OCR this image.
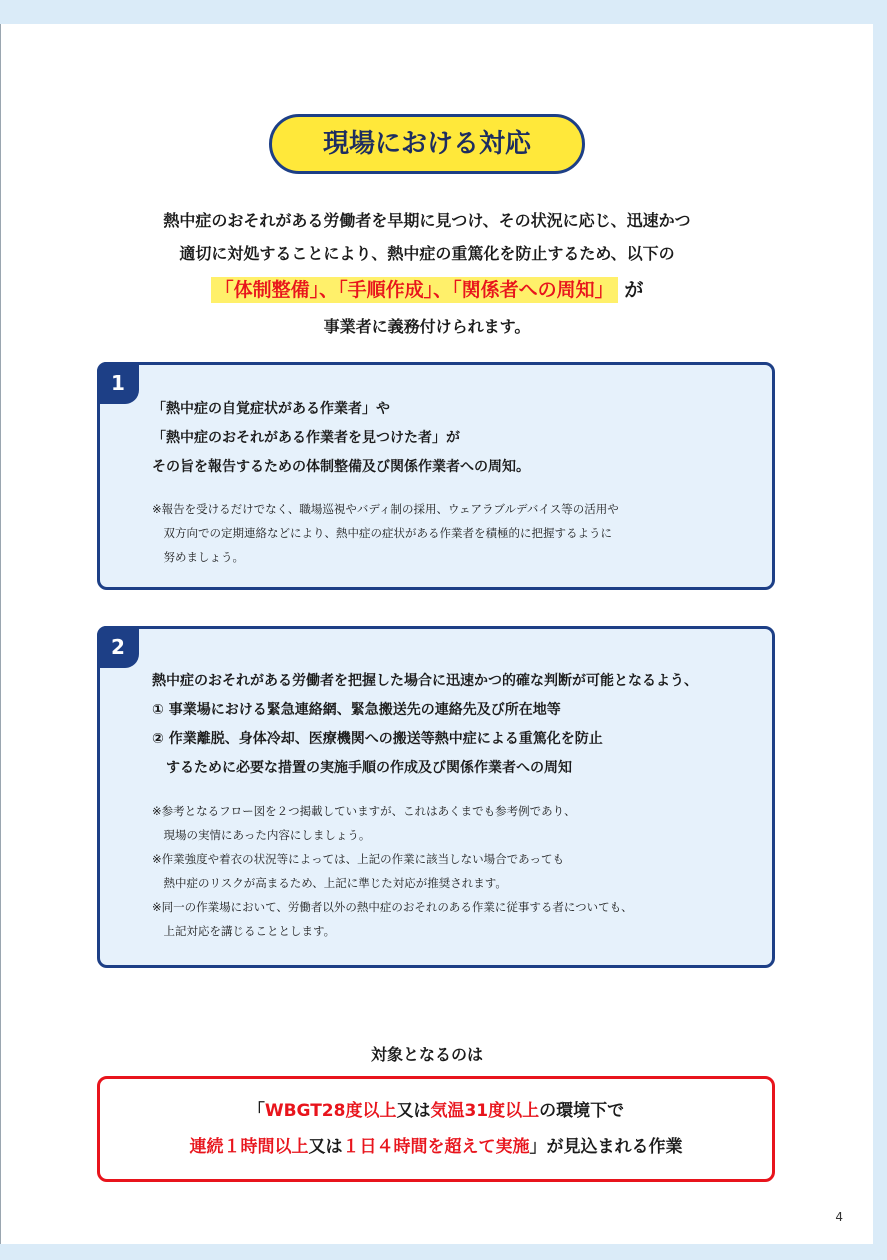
現場における対応
熱中症のおそれがある労働者を早期に見つけ、その状況に応じ、迅速かつ
適切に対処することにより、熱中症の重篤化を防止するため、以下の
「体制整備」、「手順作成」、「関係者への周知」 が
事業者に義務付けられます。
1
「熱中症の自覚症状がある作業者」や
「熱中症のおそれがある作業者を見つけた者」が
その旨を報告するための体制整備及び関係作業者への周知。
※報告を受けるだけでなく、職場巡視やバディ制の採用、ウェアラブルデバイス等の活用や
　双方向での定期連絡などにより、熱中症の症状がある作業者を積極的に把握するように
　努めましょう。
2
熱中症のおそれがある労働者を把握した場合に迅速かつ的確な判断が可能となるよう、
① 事業場における緊急連絡網、緊急搬送先の連絡先及び所在地等
② 作業離脱、身体冷却、医療機関への搬送等熱中症による重篤化を防止
　するために必要な措置の実施手順の作成及び関係作業者への周知
※参考となるフロー図を２つ掲載していますが、これはあくまでも参考例であり、
　現場の実情にあった内容にしましょう。
※作業強度や着衣の状況等によっては、上記の作業に該当しない場合であっても
　熱中症のリスクが高まるため、上記に準じた対応が推奨されます。
※同一の作業場において、労働者以外の熱中症のおそれのある作業に従事する者についても、
　上記対応を講じることとします。
対象となるのは
「WBGT28度以上又は気温31度以上の環境下で
連続１時間以上又は１日４時間を超えて実施」が見込まれる作業
4
